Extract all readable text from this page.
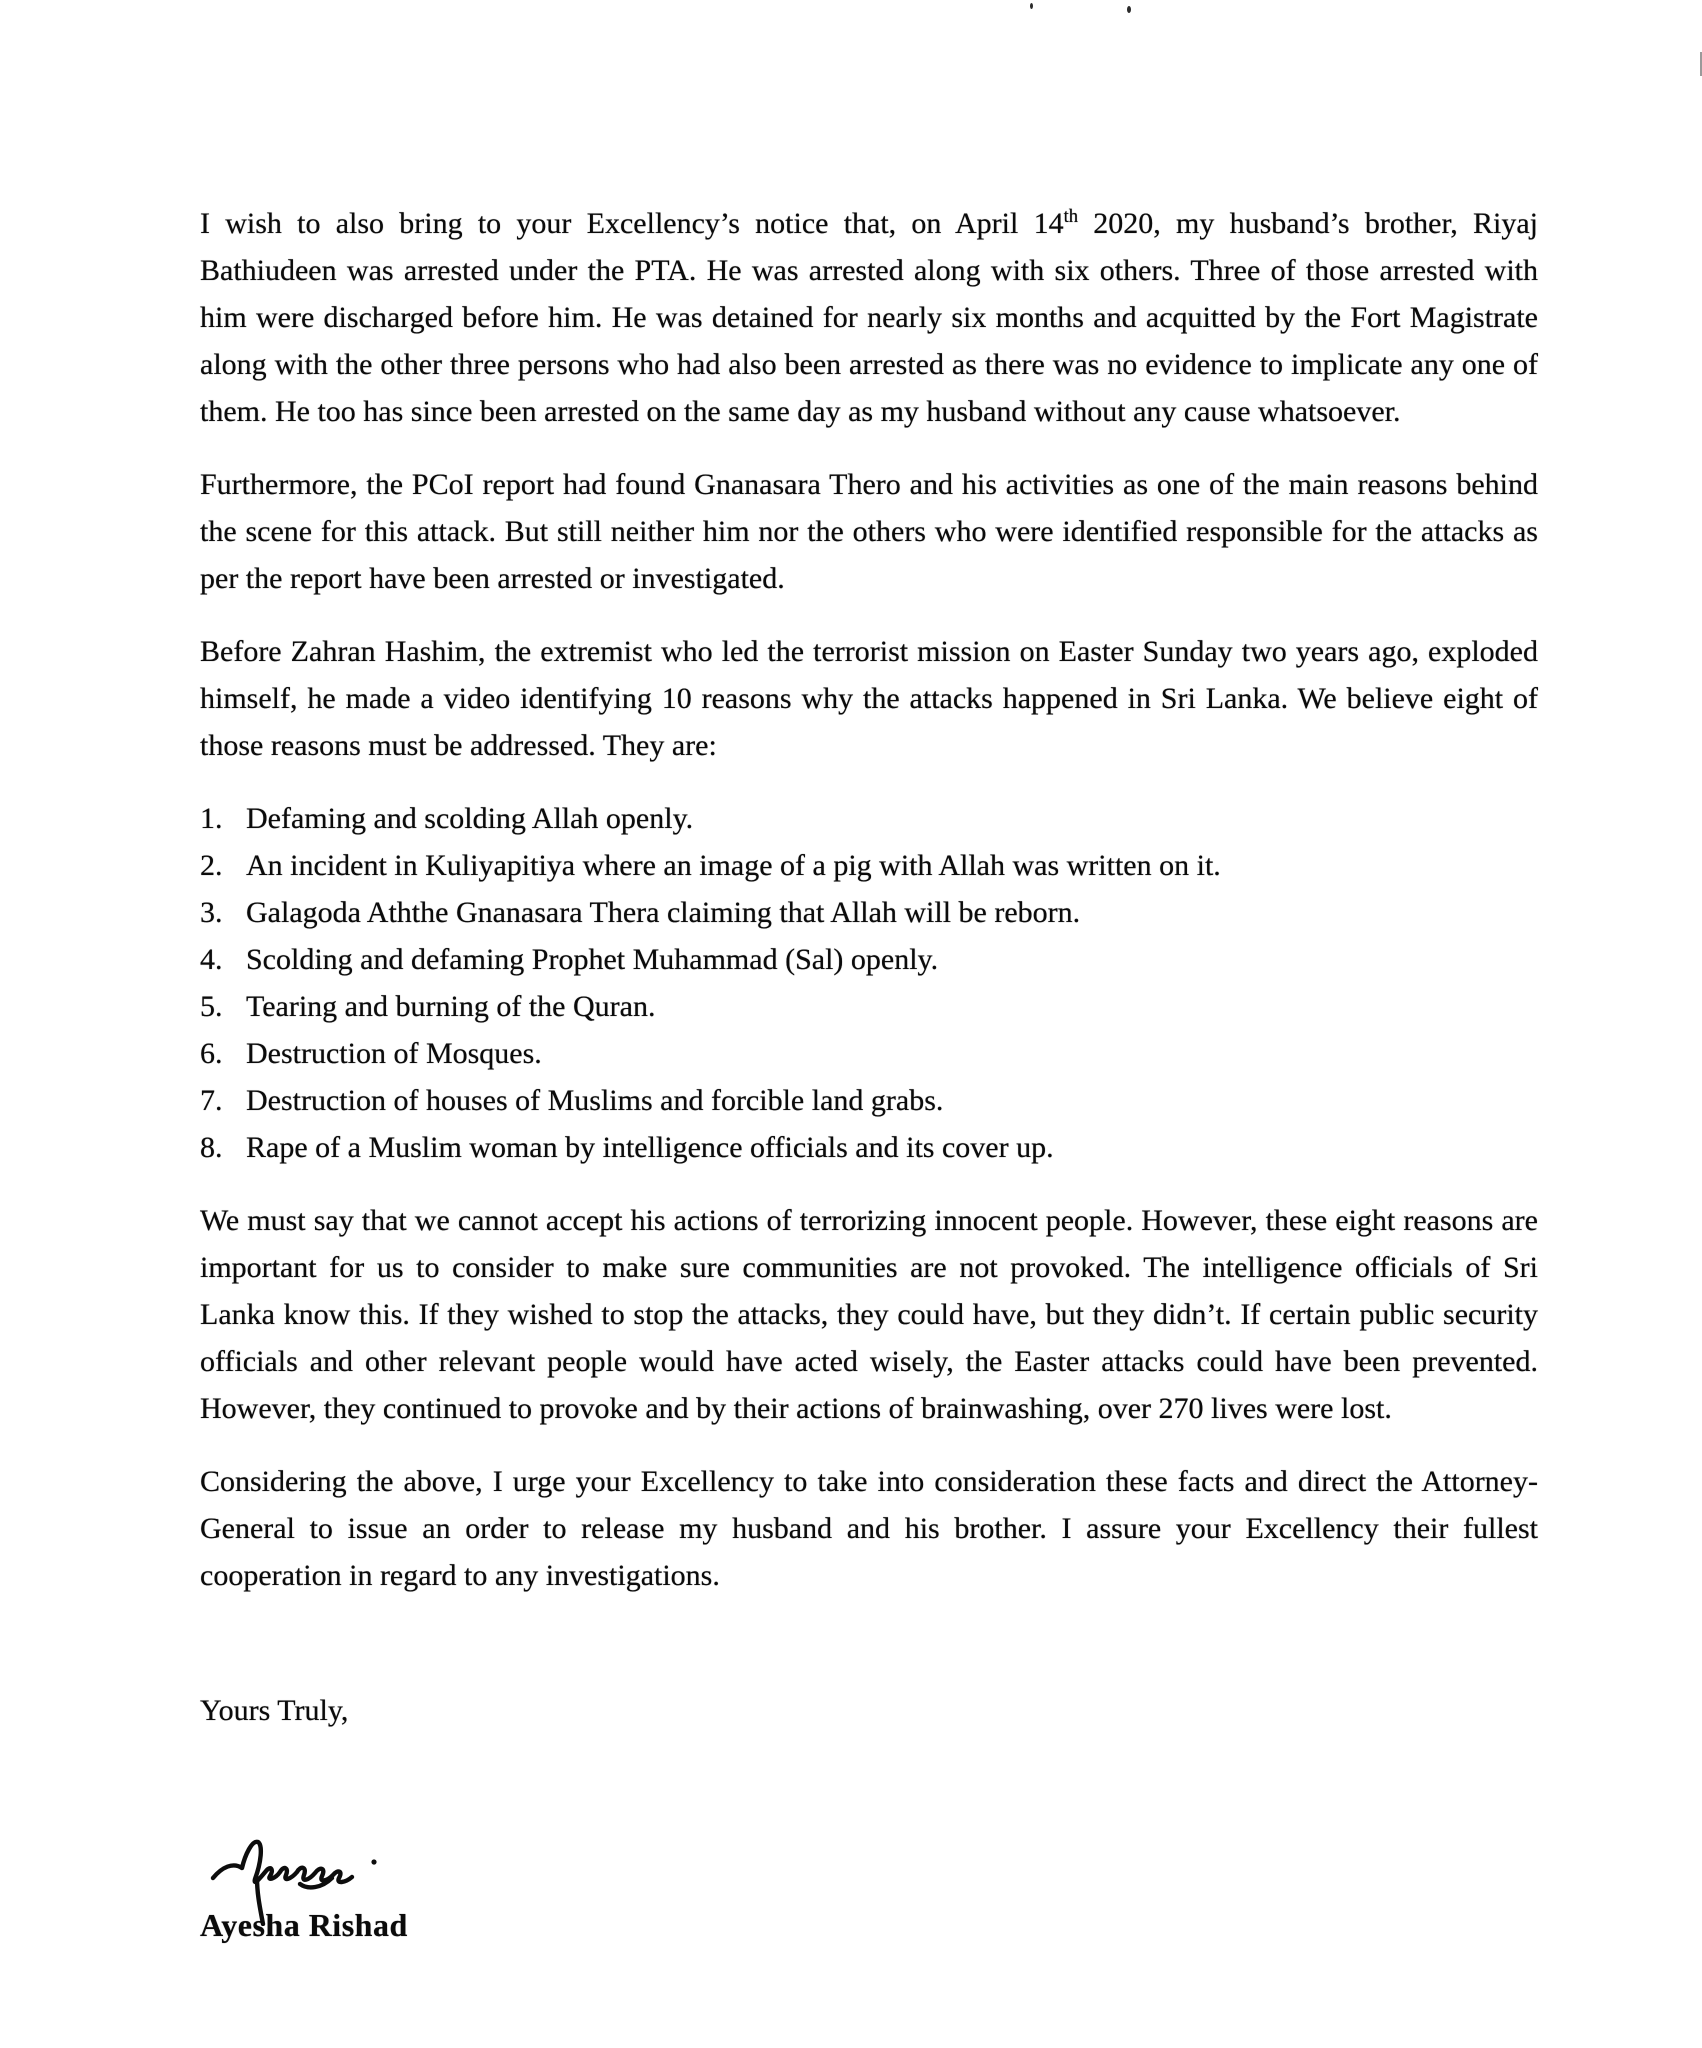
I wish to also bring to your Excellency’s notice that, on April 14th 2020, my husband’s brother, Riyaj Bathiudeen was arrested under the PTA. He was arrested along with six others. Three of those arrested with him were discharged before him. He was detained for nearly six months and acquitted by the Fort Magistrate along with the other three persons who had also been arrested as there was no evidence to implicate any one of them. He too has since been arrested on the same day as my husband without any cause whatsoever.

Furthermore, the PCoI report had found Gnanasara Thero and his activities as one of the main reasons behind the scene for this attack. But still neither him nor the others who were identified responsible for the attacks as per the report have been arrested or investigated.

Before Zahran Hashim, the extremist who led the terrorist mission on Easter Sunday two years ago, exploded himself, he made a video identifying 10 reasons why the attacks happened in Sri Lanka. We believe eight of those reasons must be addressed. They are:

1. Defaming and scolding Allah openly.
2. An incident in Kuliyapitiya where an image of a pig with Allah was written on it.
3. Galagoda Aththe Gnanasara Thera claiming that Allah will be reborn.
4. Scolding and defaming Prophet Muhammad (Sal) openly.
5. Tearing and burning of the Quran.
6. Destruction of Mosques.
7. Destruction of houses of Muslims and forcible land grabs.
8. Rape of a Muslim woman by intelligence officials and its cover up.

We must say that we cannot accept his actions of terrorizing innocent people. However, these eight reasons are important for us to consider to make sure communities are not provoked. The intelligence officials of Sri Lanka know this. If they wished to stop the attacks, they could have, but they didn’t. If certain public security officials and other relevant people would have acted wisely, the Easter attacks could have been prevented. However, they continued to provoke and by their actions of brainwashing, over 270 lives were lost.

Considering the above, I urge your Excellency to take into consideration these facts and direct the Attorney-General to issue an order to release my husband and his brother. I assure your Excellency their fullest cooperation in regard to any investigations.

Yours Truly,

Ayesha Rishad
